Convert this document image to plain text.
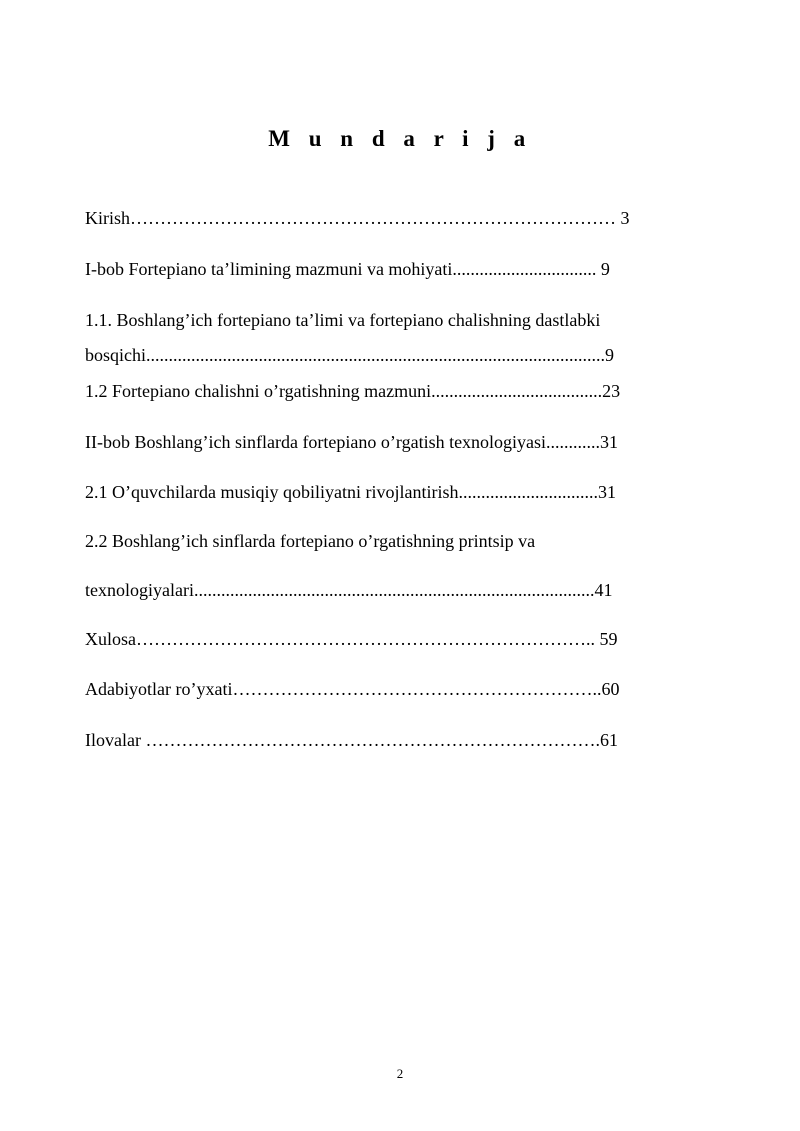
M u n d a r i j a
Kirish……………………………………………………………………… 3
I-bob Fortepiano ta’limining mazmuni va mohiyati................................ 9
1.1. Boshlang’ich fortepiano ta’limi va fortepiano chalishning dastlabki
bosqichi......................................................................................................9
1.2 Fortepiano chalishni o’rgatishning mazmuni......................................23
II-bob Boshlang’ich sinflarda fortepiano o’rgatish texnologiyasi............31
2.1 O’quvchilarda musiqiy qobiliyatni rivojlantirish...............................31
2.2 Boshlang’ich sinflarda fortepiano o’rgatishning printsip va
texnologiyalari.........................................................................................41
Xulosa………………………………………………………………….. 59
Adabiyotlar ro’yxati……………………………………………………..60
Ilovalar ………………………………………………………………….61
2
